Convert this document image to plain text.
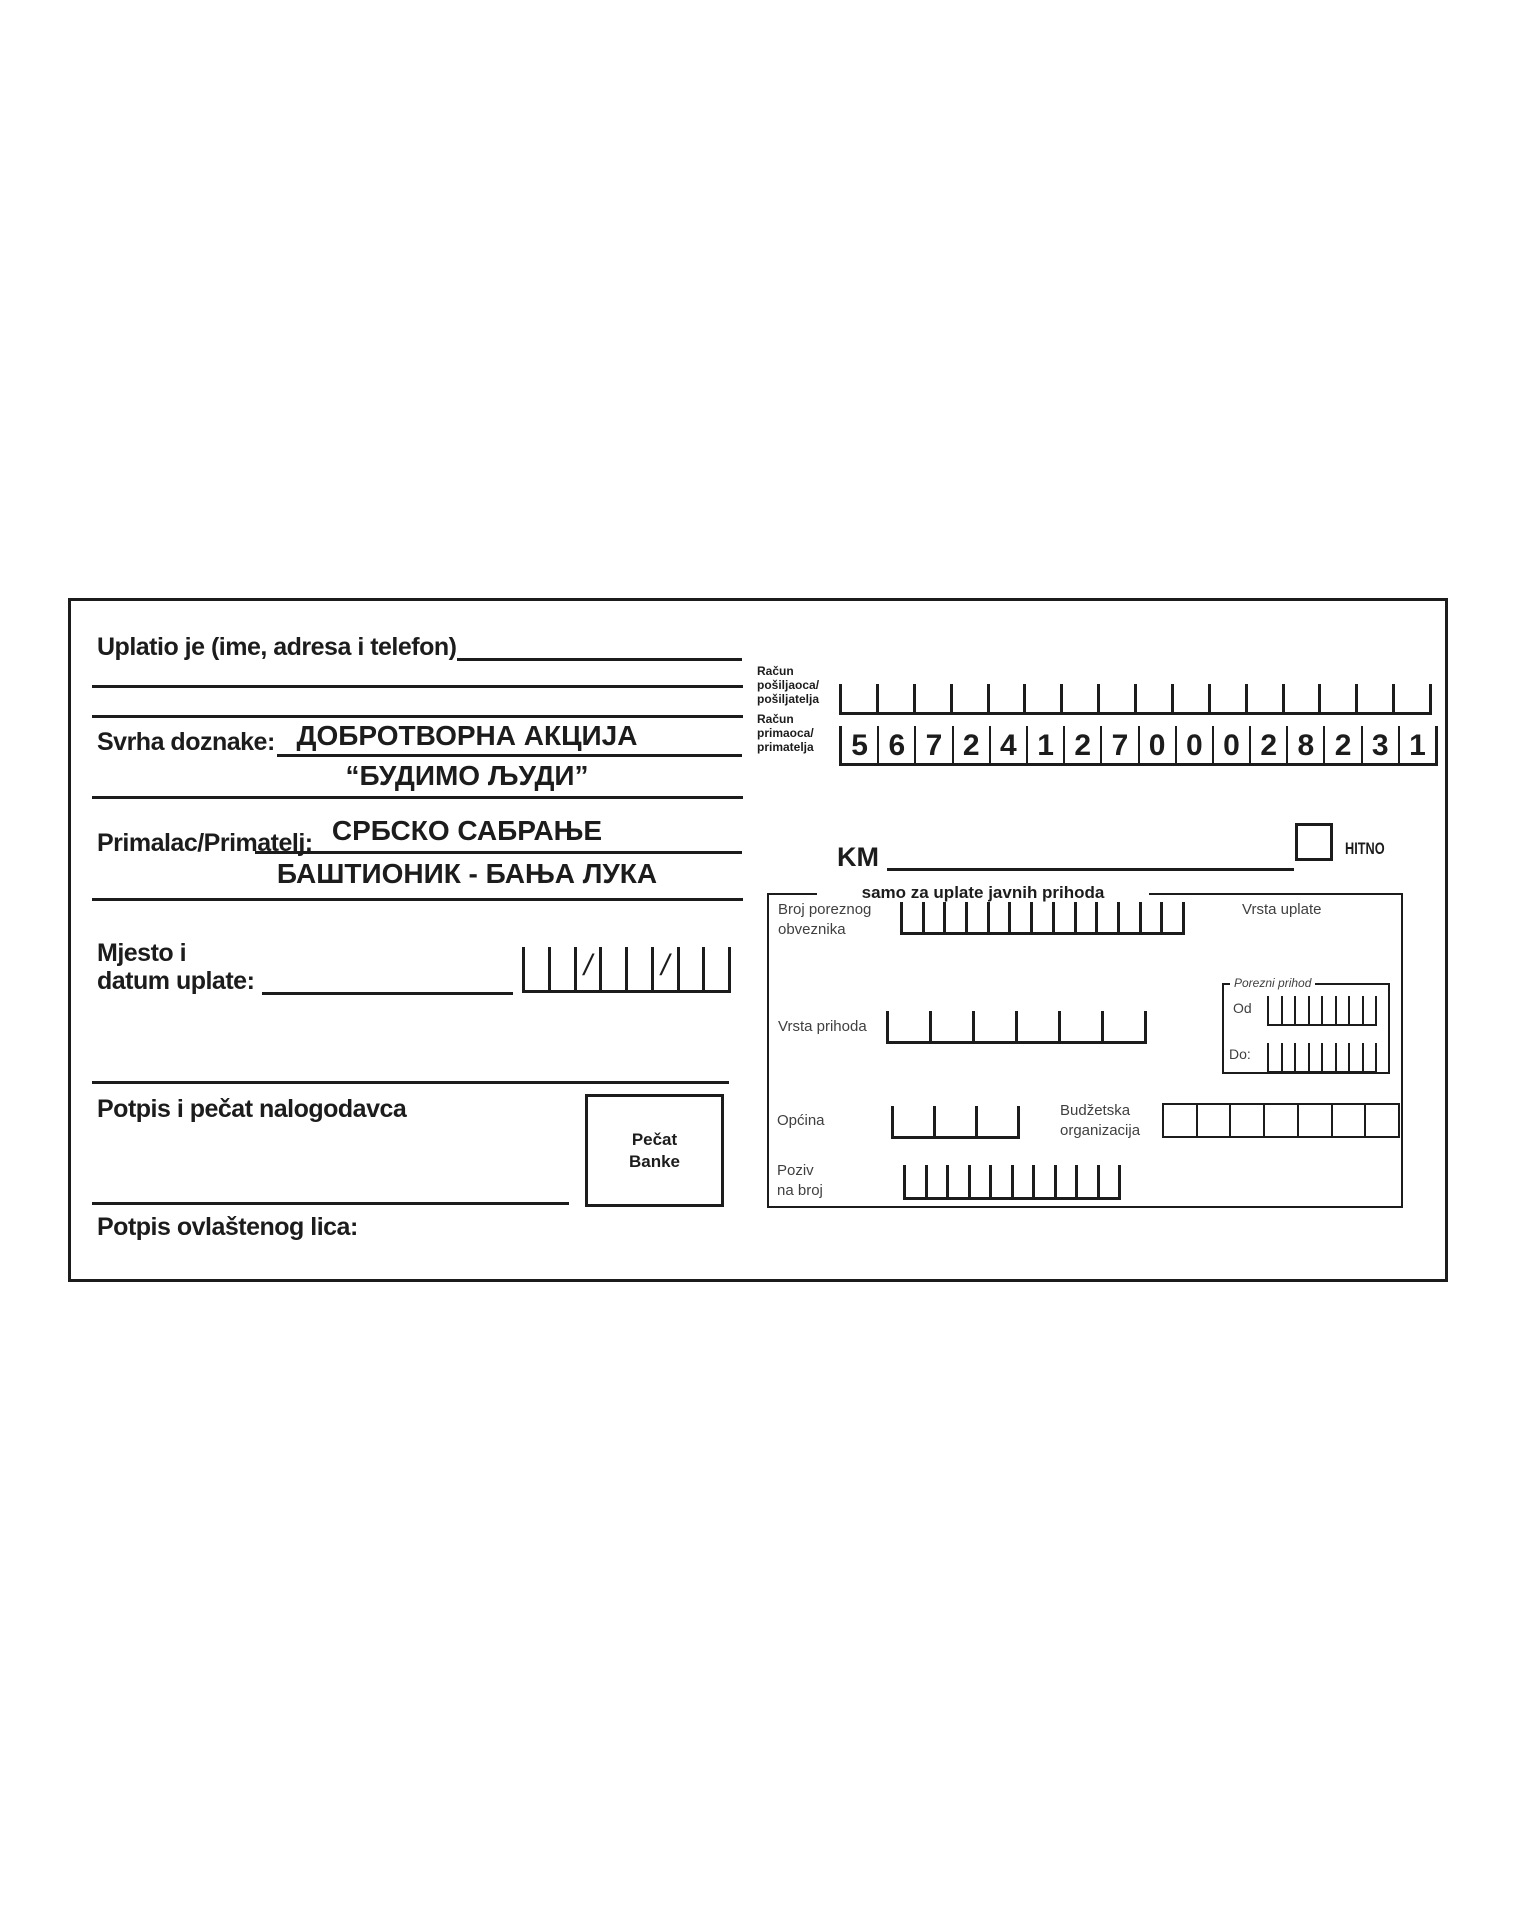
Uplatio je (ime, adresa i telefon)
Svrha doznake: ДОБРОТВОРНА АКЦИЈА
“БУДИМО ЉУДИ”
Primalac/Primatelj: СРБСКО САБРАЊЕ
БАШТИОНИК - БАЊА ЛУКА
Mjesto i
datum uplate:	/ /
Potpis i pečat nalogodavca
Pečat
Banke
Potpis ovlaštenog lica:
Račun
pošiljaoca/
pošiljatelja
Račun
primaoca/
primatelja 5 6 7 2 4 1 2 7 0 0 0 2 8 2 3 1
KM	HITNO
samo za uplate javnih prihoda
Broj poreznog
obveznika
Vrsta uplate
Vrsta prihoda
Porezni prihod
Od
Do:
Općina
Budžetska
organizacija
Poziv
na broj
